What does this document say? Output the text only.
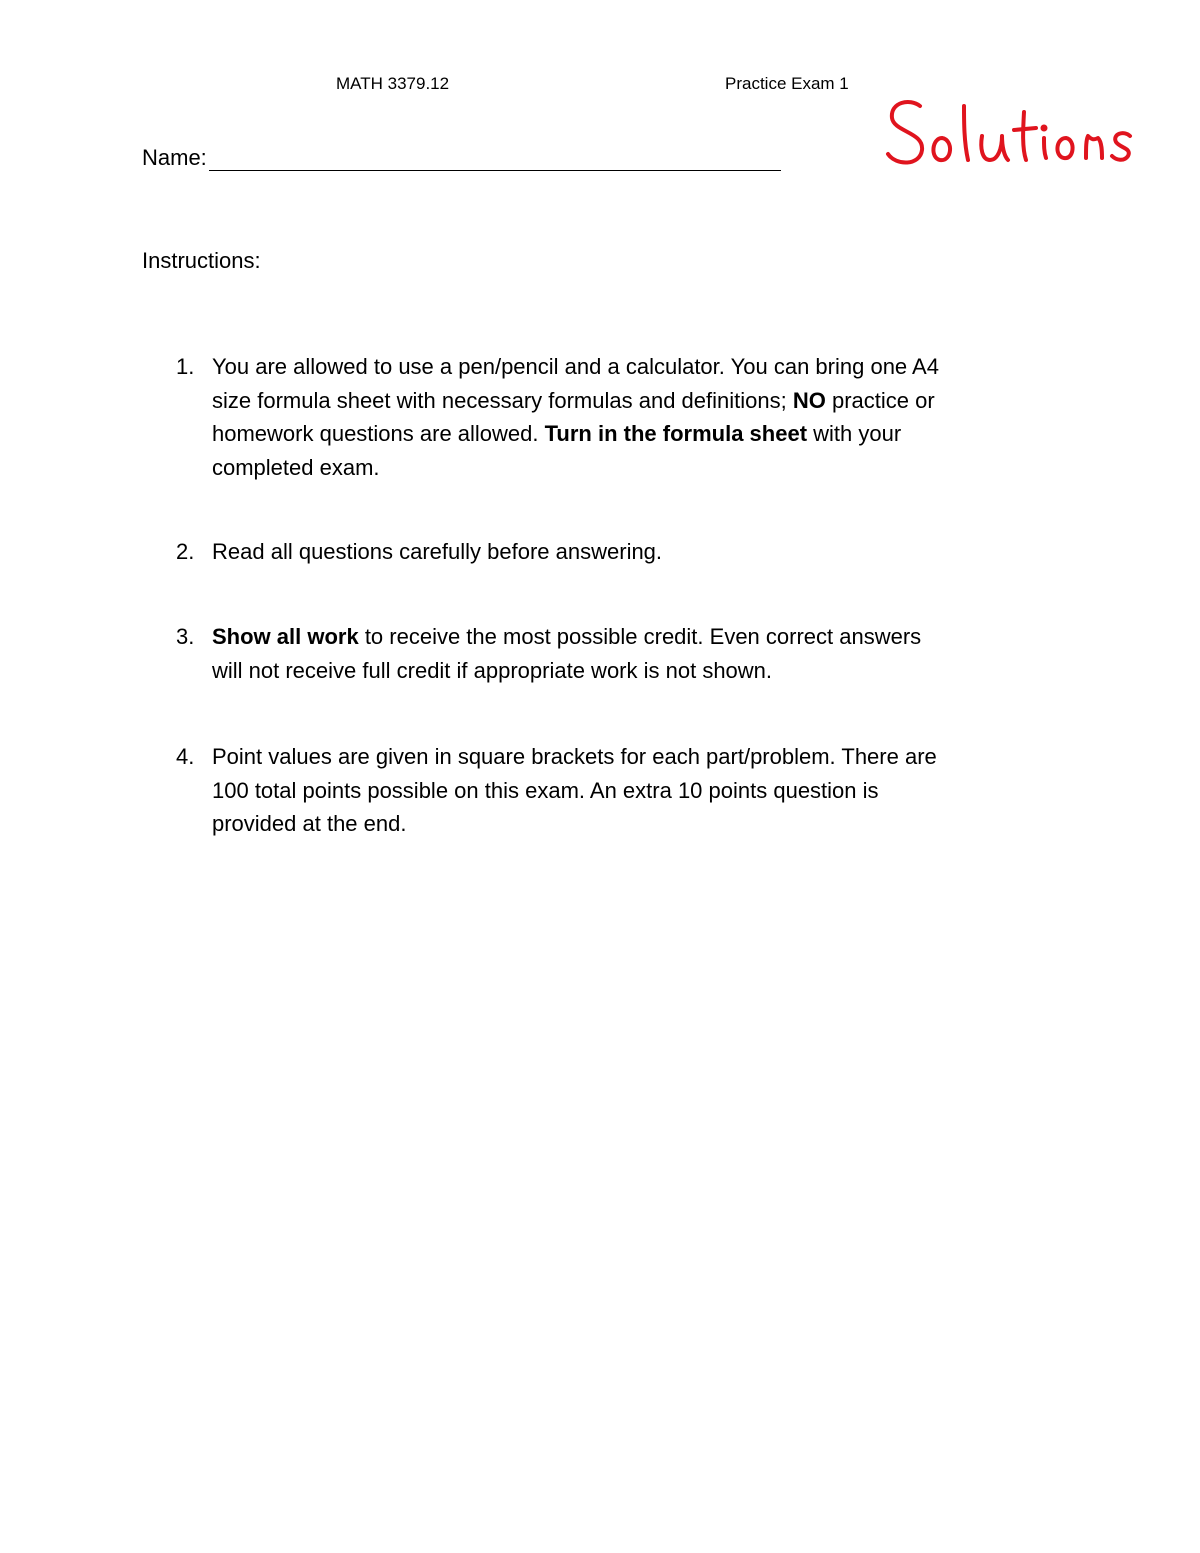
MATH 3379.12	Practice Exam 1
Name:
Instructions:
1. You are allowed to use a pen/pencil and a calculator. You can bring one A4
size formula sheet with necessary formulas and definitions; NO practice or
homework questions are allowed. Turn in the formula sheet with your
completed exam.
2. Read all questions carefully before answering.
3. Show all work to receive the most possible credit. Even correct answers
will not receive full credit if appropriate work is not shown.
4. Point values are given in square brackets for each part/problem. There are
100 total points possible on this exam. An extra 10 points question is
provided at the end.
